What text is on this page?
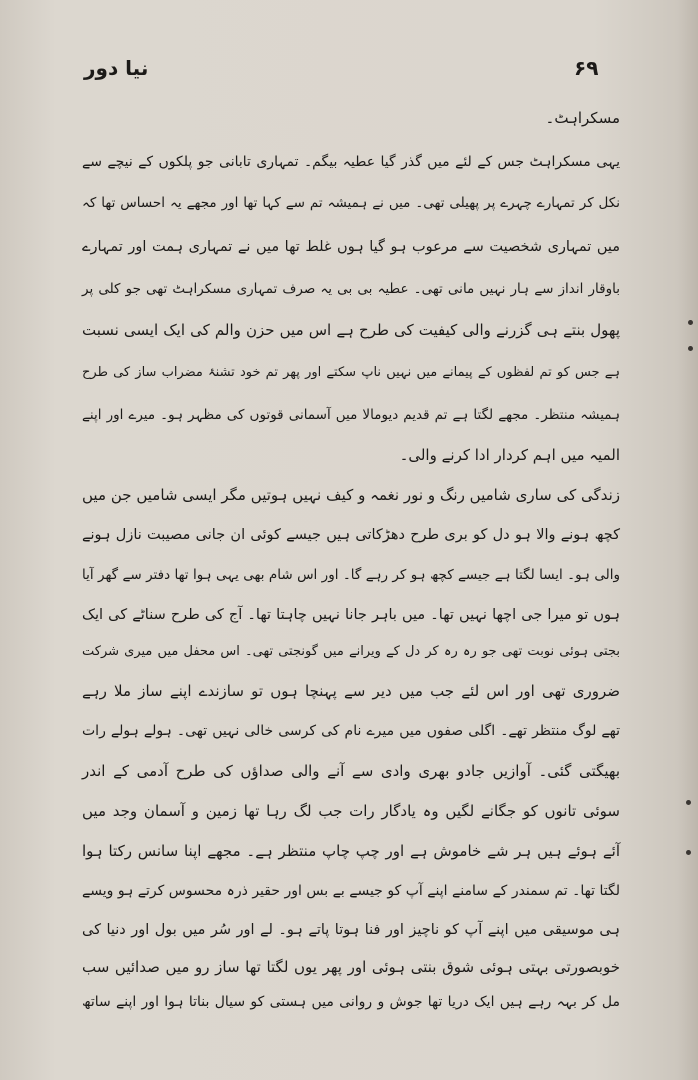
نیا دور	۶۹
مسکراہٹ۔
یہی مسکراہٹ جس کے لئے میں گذر گیا عطیہ بیگم۔ تمہاری تابانی جو پلکوں کے نیچے سے
نکل کر تمہارے چہرے پر پھیلی تھی۔ میں نے ہمیشہ تم سے کہا تھا اور مجھے یہ احساس تھا کہ
میں تمہاری شخصیت سے مرعوب ہو گیا ہوں غلط تھا میں نے تمہاری ہمت اور تمہارے
باوقار انداز سے ہار نہیں مانی تھی۔ عطیہ بی بی یہ صرف تمہاری مسکراہٹ تھی جو کلی پر
پھول بنتے ہی گزرنے والی کیفیت کی طرح ہے اس میں حزن والم کی ایک ایسی نسبت
ہے جس کو تم لفظوں کے پیمانے میں نہیں ناپ سکتے اور پھر تم خود تشنۂ مضراب ساز کی طرح
ہمیشہ منتظر۔ مجھے لگتا ہے تم قدیم دیومالا میں آسمانی قوتوں کی مظہر ہو۔ میرے اور اپنے
المیہ میں اہم کردار ادا کرنے والی۔
زندگی کی ساری شامیں رنگ و نور نغمہ و کیف نہیں ہوتیں مگر ایسی شامیں جن میں
کچھ ہونے والا ہو دل کو بری طرح دھڑکاتی ہیں جیسے کوئی ان جانی مصیبت نازل ہونے
والی ہو۔ ایسا لگتا ہے جیسے کچھ ہو کر رہے گا۔ اور اس شام بھی یہی ہوا تھا دفتر سے گھر آیا
ہوں تو میرا جی اچھا نہیں تھا۔ میں باہر جانا نہیں چاہتا تھا۔ آج کی طرح سناٹے کی ایک
بجتی ہوئی نوبت تھی جو رہ رہ کر دل کے ویرانے میں گونجتی تھی۔ اس محفل میں میری شرکت
ضروری تھی اور اس لئے جب میں دیر سے پہنچا ہوں تو سازندے اپنے ساز ملا رہے
تھے لوگ منتظر تھے۔ اگلی صفوں میں میرے نام کی کرسی خالی نہیں تھی۔ ہولے ہولے رات
بھیگتی گئی۔ آوازیں جادو بھری وادی سے آنے والی صداؤں کی طرح آدمی کے اندر
سوئی تانوں کو جگانے لگیں وہ یادگار رات جب لگ رہا تھا زمین و آسمان وجد میں
آئے ہوئے ہیں ہر شے خاموش ہے اور چپ چاپ منتظر ہے۔ مجھے اپنا سانس رکتا ہوا
لگتا تھا۔ تم سمندر کے سامنے اپنے آپ کو جیسے بے بس اور حقیر ذرہ محسوس کرتے ہو ویسے
ہی موسیقی میں اپنے آپ کو ناچیز اور فنا ہوتا پاتے ہو۔ لے اور سُر میں بول اور دنیا کی
خوبصورتی بہتی ہوئی شوق بنتی ہوئی اور پھر یوں لگتا تھا ساز رو میں صدائیں سب
مل کر بہہ رہے ہیں ایک دریا تھا جوش و روانی میں ہستی کو سیال بناتا ہوا اور اپنے ساتھ
